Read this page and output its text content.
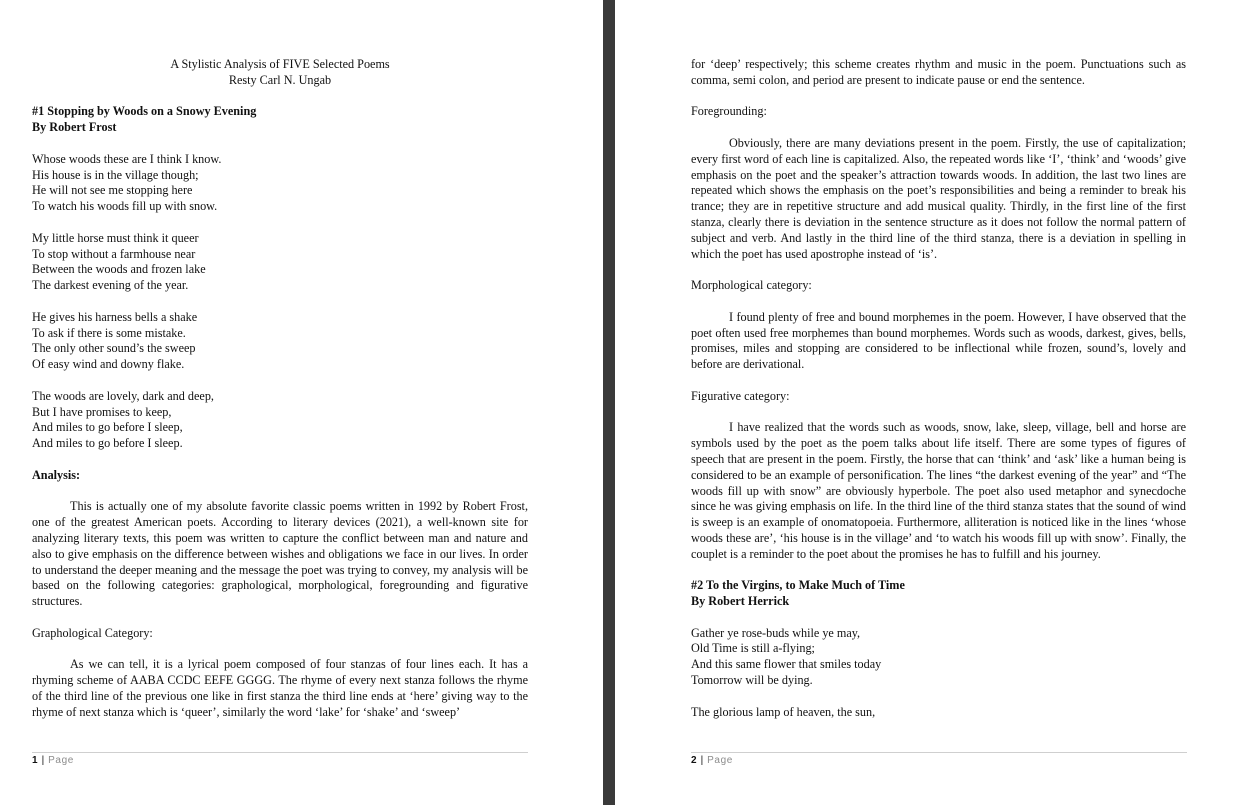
A Stylistic Analysis of FIVE Selected Poems
Resty Carl N. Ungab
#1 Stopping by Woods on a Snowy Evening
By Robert Frost
Whose woods these are I think I know.
His house is in the village though;
He will not see me stopping here
To watch his woods fill up with snow.
My little horse must think it queer
To stop without a farmhouse near
Between the woods and frozen lake
The darkest evening of the year.
He gives his harness bells a shake
To ask if there is some mistake.
The only other sound’s the sweep
Of easy wind and downy flake.
The woods are lovely, dark and deep,
But I have promises to keep,
And miles to go before I sleep,
And miles to go before I sleep.
Analysis:
This is actually one of my absolute favorite classic poems written in 1992 by Robert Frost, one of the greatest American poets. According to literary devices (2021), a well-known site for analyzing literary texts, this poem was written to capture the conflict between man and nature and also to give emphasis on the difference between wishes and obligations we face in our lives. In order to understand the deeper meaning and the message the poet was trying to convey, my analysis will be based on the following categories: graphological, morphological, foregrounding and figurative structures.
Graphological Category:
As we can tell, it is a lyrical poem composed of four stanzas of four lines each. It has a rhyming scheme of AABA CCDC EEFE GGGG. The rhyme of every next stanza follows the rhyme of the third line of the previous one like in first stanza the third line ends at ‘here’ giving way to the rhyme of next stanza which is ‘queer’, similarly the word ‘lake’ for ‘shake’ and ‘sweep’
1 | Page
for ‘deep’ respectively; this scheme creates rhythm and music in the poem. Punctuations such as comma, semi colon, and period are present to indicate pause or end the sentence.
Foregrounding:
Obviously, there are many deviations present in the poem. Firstly, the use of capitalization; every first word of each line is capitalized. Also, the repeated words like ‘I’, ‘think’ and ‘woods’ give emphasis on the poet and the speaker’s attraction towards woods. In addition, the last two lines are repeated which shows the emphasis on the poet’s responsibilities and being a reminder to break his trance; they are in repetitive structure and add musical quality. Thirdly, in the first line of the first stanza, clearly there is deviation in the sentence structure as it does not follow the normal pattern of subject and verb. And lastly in the third line of the third stanza, there is a deviation in spelling in which the poet has used apostrophe instead of ‘is’.
Morphological category:
I found plenty of free and bound morphemes in the poem. However, I have observed that the poet often used free morphemes than bound morphemes. Words such as woods, darkest, gives, bells, promises, miles and stopping are considered to be inflectional while frozen, sound’s, lovely and before are derivational.
Figurative category:
I have realized that the words such as woods, snow, lake, sleep, village, bell and horse are symbols used by the poet as the poem talks about life itself. There are some types of figures of speech that are present in the poem. Firstly, the horse that can ‘think’ and ‘ask’ like a human being is considered to be an example of personification. The lines “the darkest evening of the year” and “The woods fill up with snow” are obviously hyperbole. The poet also used metaphor and synecdoche since he was giving emphasis on life. In the third line of the third stanza states that the sound of wind is sweep is an example of onomatopoeia. Furthermore, alliteration is noticed like in the lines ‘whose woods these are’, ‘his house is in the village’ and ‘to watch his woods fill up with snow’. Finally, the couplet is a reminder to the poet about the promises he has to fulfill and his journey.
#2 To the Virgins, to Make Much of Time
By Robert Herrick
Gather ye rose-buds while ye may,
Old Time is still a-flying;
And this same flower that smiles today
Tomorrow will be dying.
The glorious lamp of heaven, the sun,
2 | Page
